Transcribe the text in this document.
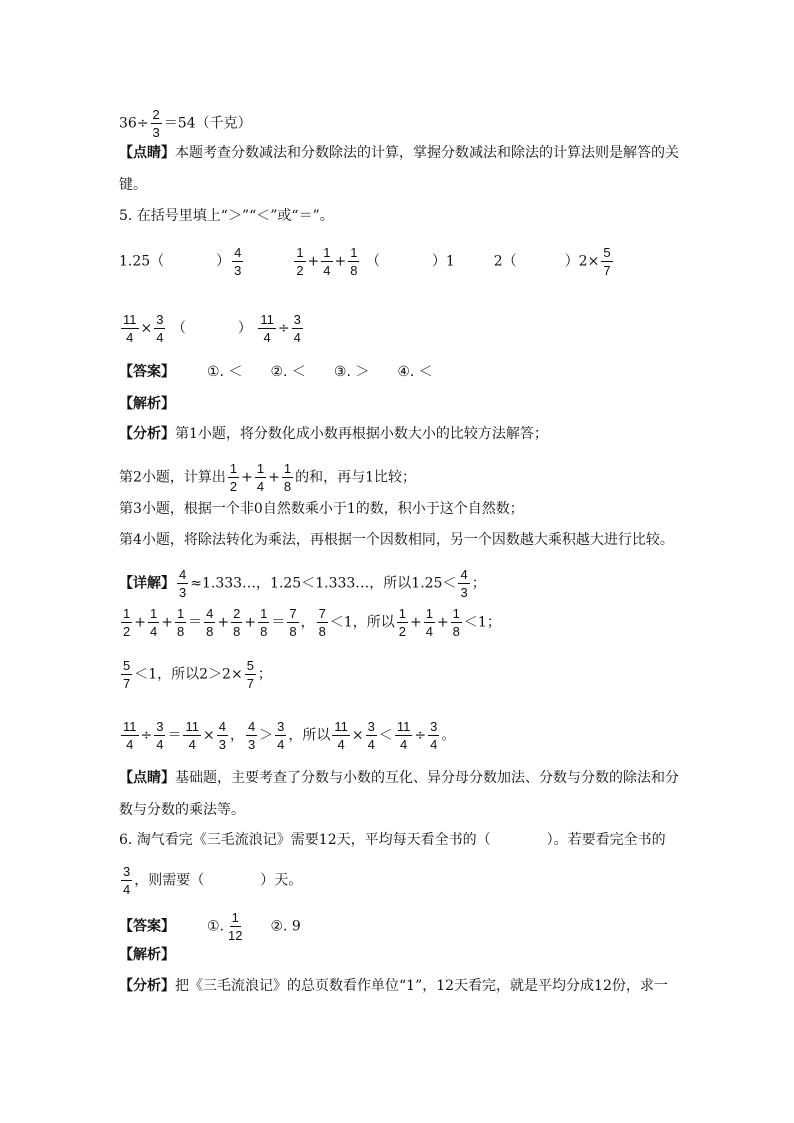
$36\div \frac{2}{3} =54$（千克）
【点睛】本题考查分数减法和分数除法的计算，掌握分数减法和除法的计算法则是解答的关
键。
5. 在括号里填上“＞”“＜”或“＝”。
1.25（	） $\frac{4}{3}$
	$\frac{1}{2} + \frac{1}{4} + \frac{1}{8}$ （	）1	2（	）$2\times \frac{5}{7}$
$\frac{11}{4} \times \frac{3}{4}$ （	） $\frac{11}{4} \div \frac{3}{4}$
【答案】 ①. ＜ ②. ＜ ③. ＞ ④. ＜
【解析】
【分析】第1小题，将分数化成小数再根据小数大小的比较方法解答；
第2小题，计算出 $\frac{1}{2} + \frac{1}{4} + \frac{1}{8}$ 的和，再与1比较；
第3小题，根据一个非0自然数乘小于1的数，积小于这个自然数；
第4小题，将除法转化为乘法，再根据一个因数相同，另一个因数越大乘积越大进行比较。
【详解】 $\frac{4}{3}$ ≈1.333…，1.25＜1.333…，所以$1.25< \frac{4}{3}$ ；
$\frac{1}{2} + \frac{1}{4} + \frac{1}{8} = \frac{4}{8} + \frac{2}{8} + \frac{1}{8} = \frac{7}{8}$ ， $\frac{7}{8} <1$，所以 $\frac{1}{2} + \frac{1}{4} + \frac{1}{8} <1$；
$\frac{5}{7} <1$，所以$2>2\times \frac{5}{7}$ ；
$\frac{11}{4} \div \frac{3}{4} = \frac{11}{4} \times \frac{4}{3}$ ， $\frac{4}{3} > \frac{3}{4}$ ，所以 $\frac{11}{4} \times \frac{3}{4} < \frac{11}{4} \div \frac{3}{4}$ 。
【点睛】基础题，主要考查了分数与小数的互化、异分母分数加法、分数与分数的除法和分
数与分数的乘法等。
6. 淘气看完《三毛流浪记》需要12天，平均每天看全书的（　　　　）。若要看完全书的
$\frac{3}{4}$ ，则需要（　　　　）天。
【答案】 ①. $\frac{1}{12}$ ②. 9
【解析】
【分析】把《三毛流浪记》的总页数看作单位“1”，12天看完，就是平均分成12份，求一
